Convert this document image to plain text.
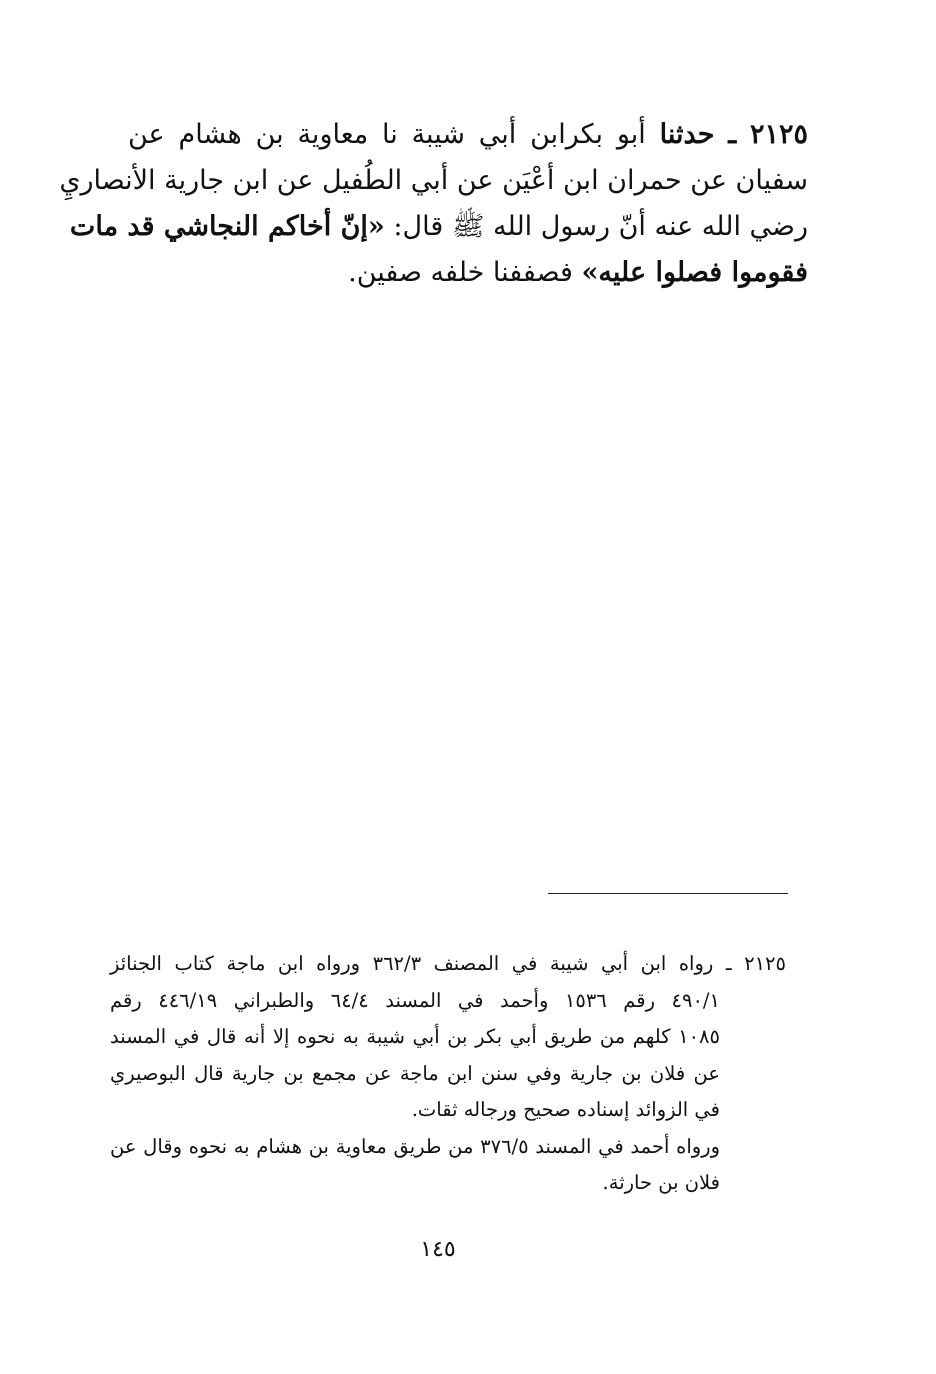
٢١٢٥ ـ حدثنا أبو بكرابن أبي شيبة نا معاوية بن هشام عن
سفيان عن حمران ابن أعْيَن عن أبي الطُفيل عن ابن جارية الأنصاريِ
رضي الله عنه أنّ رسول الله ﷺ قال: «إنّ أخاكم النجاشي قد مات
فقوموا فصلوا عليه» فصففنا خلفه صفين.
٢١٢٥ ـ رواه ابن أبي شيبة في المصنف ٣٦٢/٣ ورواه ابن ماجة كتاب الجنائز
٤٩٠/١ رقم ١٥٣٦ وأحمد في المسند ٦٤/٤ والطبراني ٤٤٦/١٩ رقم
١٠٨٥ كلهم من طريق أبي بكر بن أبي شيبة به نحوه إلا أنه قال في المسند
عن فلان بن جارية وفي سنن ابن ماجة عن مجمع بن جارية قال البوصيري
في الزوائد إسناده صحيح ورجاله ثقات.
ورواه أحمد في المسند ٣٧٦/٥ من طريق معاوية بن هشام به نحوه وقال عن
فلان بن حارثة.
١٤٥
